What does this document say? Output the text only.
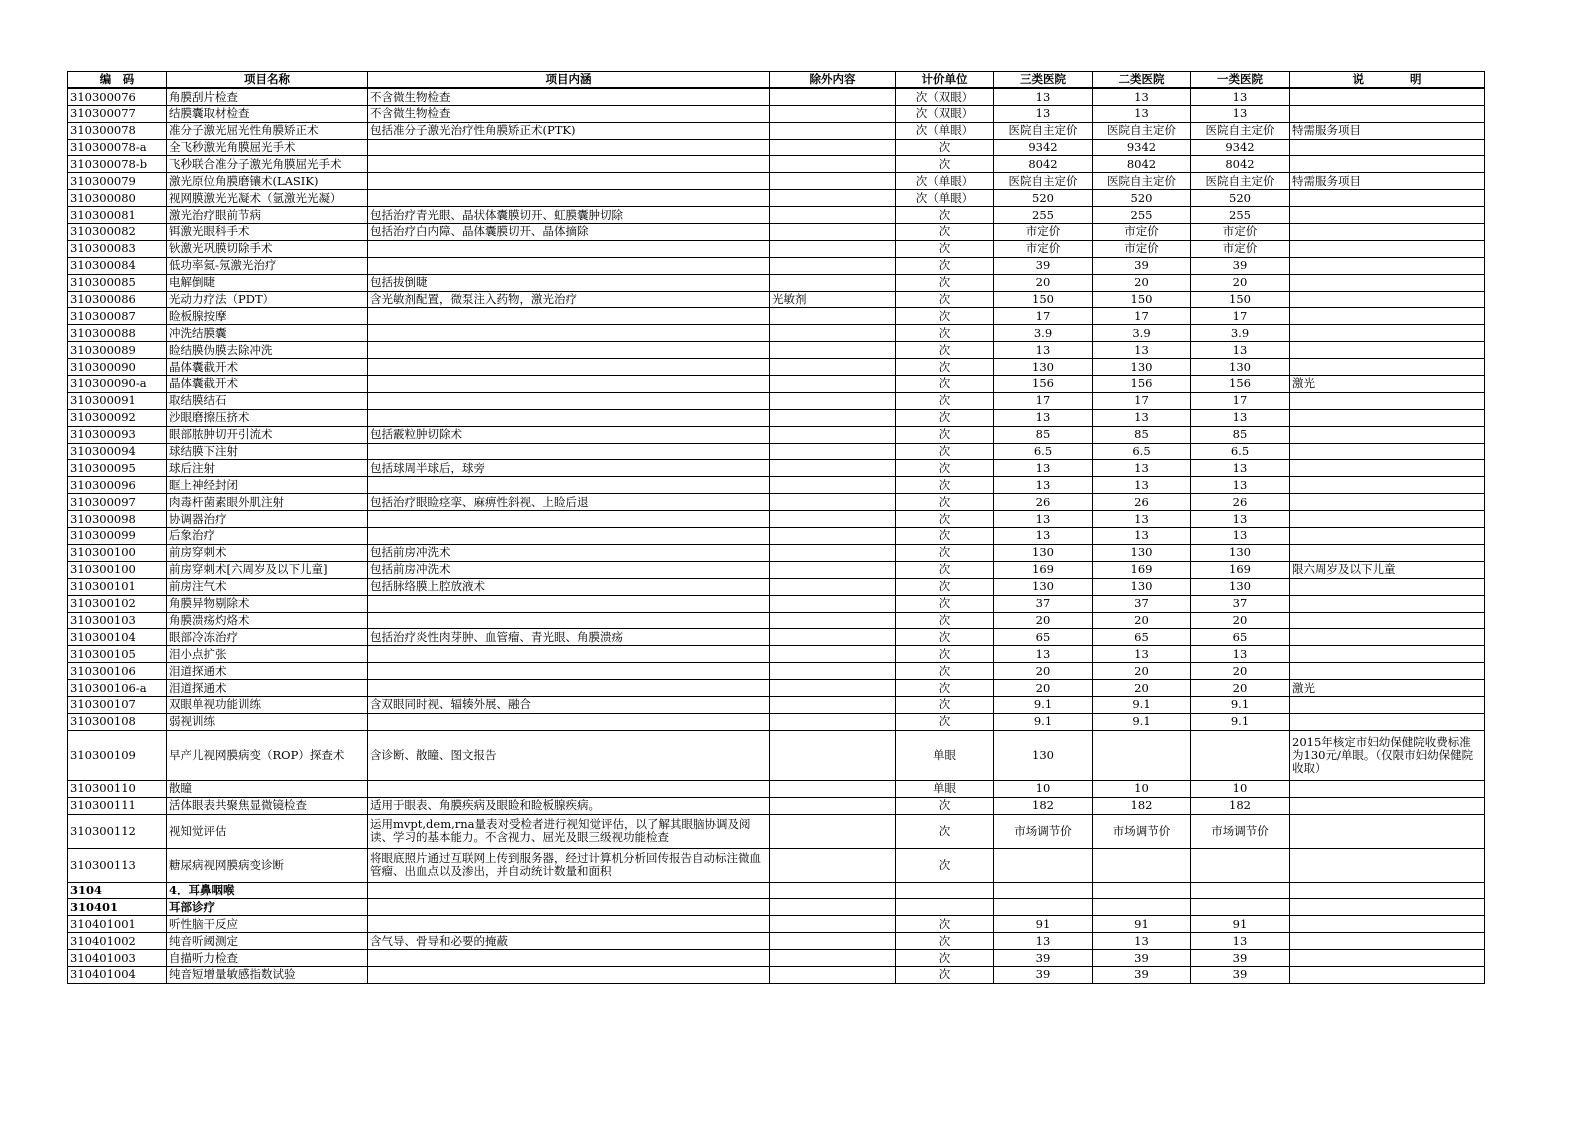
编　码	项目名称	项目内涵	除外内容	计价单位	三类医院	二类医院	一类医院	说　　　　明
310300076	角膜刮片检查	不含微生物检查		次（双眼）	13	13	13	
310300077	结膜囊取材检查	不含微生物检查		次（双眼）	13	13	13	
310300078	准分子激光屈光性角膜矫正术	包括准分子激光治疗性角膜矫正术(PTK)		次（单眼）	医院自主定价	医院自主定价	医院自主定价	特需服务项目
310300078-a	全飞秒激光角膜屈光手术			次	9342	9342	9342	
310300078-b	飞秒联合准分子激光角膜屈光手术			次	8042	8042	8042	
310300079	激光原位角膜磨镶术(LASIK)			次（单眼）	医院自主定价	医院自主定价	医院自主定价	特需服务项目
310300080	视网膜激光光凝术（氩激光光凝）			次（单眼）	520	520	520	
310300081	激光治疗眼前节病	包括治疗青光眼、晶状体囊膜切开、虹膜囊肿切除		次	255	255	255	
310300082	铒激光眼科手术	包括治疗白内障、晶体囊膜切开、晶体摘除		次	市定价	市定价	市定价	
310300083	钬激光巩膜切除手术			次	市定价	市定价	市定价	
310300084	低功率氦-氖激光治疗			次	39	39	39	
310300085	电解倒睫	包括拔倒睫		次	20	20	20	
310300086	光动力疗法（PDT）	含光敏剂配置，微泵注入药物，激光治疗	光敏剂	次	150	150	150	
310300087	睑板腺按摩			次	17	17	17	
310300088	冲洗结膜囊			次	3.9	3.9	3.9	
310300089	睑结膜伪膜去除冲洗			次	13	13	13	
310300090	晶体囊截开术			次	130	130	130	
310300090-a	晶体囊截开术			次	156	156	156	激光
310300091	取结膜结石			次	17	17	17	
310300092	沙眼磨擦压挤术			次	13	13	13	
310300093	眼部脓肿切开引流术	包括霰粒肿切除术		次	85	85	85	
310300094	球结膜下注射			次	6.5	6.5	6.5	
310300095	球后注射	包括球周半球后，球旁		次	13	13	13	
310300096	眶上神经封闭			次	13	13	13	
310300097	肉毒杆菌素眼外肌注射	包括治疗眼睑痉挛、麻痹性斜视、上睑后退		次	26	26	26	
310300098	协调器治疗			次	13	13	13	
310300099	后象治疗			次	13	13	13	
310300100	前房穿刺术	包括前房冲洗术		次	130	130	130	
310300100	前房穿刺术[六周岁及以下儿童]	包括前房冲洗术		次	169	169	169	限六周岁及以下儿童
310300101	前房注气术	包括脉络膜上腔放液术		次	130	130	130	
310300102	角膜异物剔除术			次	37	37	37	
310300103	角膜溃疡灼烙术			次	20	20	20	
310300104	眼部冷冻治疗	包括治疗炎性肉芽肿、血管瘤、青光眼、角膜溃疡		次	65	65	65	
310300105	泪小点扩张			次	13	13	13	
310300106	泪道探通术			次	20	20	20	
310300106-a	泪道探通术			次	20	20	20	激光
310300107	双眼单视功能训练	含双眼同时视、辐辏外展、融合		次	9.1	9.1	9.1	
310300108	弱视训练			次	9.1	9.1	9.1	
310300109	早产儿视网膜病变（ROP）探查术	含诊断、散瞳、图文报告		单眼	130			2015年核定市妇幼保健院收费标准为130元/单眼。（仅限市妇幼保健院收取）
310300110	散瞳			单眼	10	10	10	
310300111	活体眼表共聚焦显微镜检查	适用于眼表、角膜疾病及眼睑和睑板腺疾病。		次	182	182	182	
310300112	视知觉评估	运用mvpt,dem,rna量表对受检者进行视知觉评估，以了解其眼脑协调及阅读、学习的基本能力。不含视力、屈光及眼三级视功能检查		次	市场调节价	市场调节价	市场调节价	
310300113	糖尿病视网膜病变诊断	将眼底照片通过互联网上传到服务器，经过计算机分析回传报告自动标注微血管瘤、出血点以及渗出，并自动统计数量和面积		次				
3104	4．耳鼻咽喉							
310401	耳部诊疗							
310401001	听性脑干反应			次	91	91	91	
310401002	纯音听阈测定	含气导、骨导和必要的掩蔽		次	13	13	13	
310401003	自描听力检查			次	39	39	39	
310401004	纯音短增量敏感指数试验			次	39	39	39	
